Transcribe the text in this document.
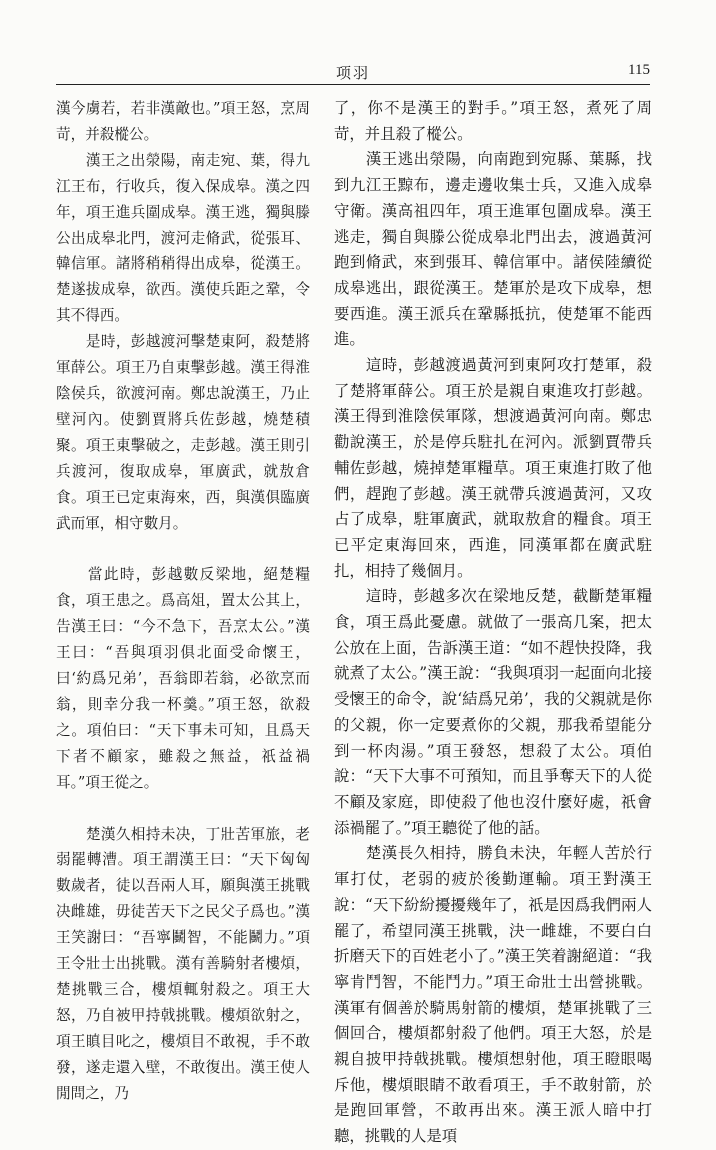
项羽	115

漢今虜若，若非漢敵也。”項王怒，烹周苛，并殺樅公。

　　漢王之出滎陽，南走宛、葉，得九江王布，行收兵，復入保成皋。漢之四年，項王進兵圍成皋。漢王逃，獨與滕公出成皋北門，渡河走脩武，從張耳、韓信軍。諸將稍稍得出成皋，從漢王。楚遂拔成皋，欲西。漢使兵距之鞏，令其不得西。

　　是時，彭越渡河擊楚東阿，殺楚將軍薛公。項王乃自東擊彭越。漢王得淮陰侯兵，欲渡河南。鄭忠說漢王，乃止壁河內。使劉賈將兵佐彭越，燒楚積聚。項王東擊破之，走彭越。漢王則引兵渡河，復取成皋，軍廣武，就敖倉食。項王已定東海來，西，與漢俱臨廣武而軍，相守數月。

　　當此時，彭越數反梁地，絕楚糧食，項王患之。爲高俎，置太公其上，告漢王曰：“今不急下，吾烹太公。”漢王曰：“吾與項羽俱北面受命懷王，曰‘約爲兄弟’，吾翁即若翁，必欲烹而翁，則幸分我一杯羹。”項王怒，欲殺之。項伯曰：“天下事未可知，且爲天下者不顧家，雖殺之無益，祇益禍耳。”項王從之。

　　楚漢久相持未决，丁壯苦軍旅，老弱罷轉漕。項王謂漢王曰：“天下匈匈數歲者，徒以吾兩人耳，願與漢王挑戰决雌雄，毋徒苦天下之民父子爲也。”漢王笑謝曰：“吾寧鬭智，不能鬭力。”項王令壯士出挑戰。漢有善騎射者樓煩，楚挑戰三合，樓煩輒射殺之。項王大怒，乃自被甲持戟挑戰。樓煩欲射之，項王瞋目叱之，樓煩目不敢視，手不敢發，遂走還入壁，不敢復出。漢王使人閒問之，乃

了，你不是漢王的對手。”項王怒，煮死了周苛，并且殺了樅公。

　　漢王逃出滎陽，向南跑到宛縣、葉縣，找到九江王黥布，邊走邊收集士兵，又進入成皋守衛。漢高祖四年，項王進軍包圍成皋。漢王逃走，獨自與滕公從成皋北門出去，渡過黃河跑到脩武，來到張耳、韓信軍中。諸侯陸續從成皋逃出，跟從漢王。楚軍於是攻下成皋，想要西進。漢王派兵在鞏縣抵抗，使楚軍不能西進。

　　這時，彭越渡過黃河到東阿攻打楚軍，殺了楚將軍薛公。項王於是親自東進攻打彭越。漢王得到淮陰侯軍隊，想渡過黃河向南。鄭忠勸說漢王，於是停兵駐扎在河內。派劉賈帶兵輔佐彭越，燒掉楚軍糧草。項王東進打敗了他們，趕跑了彭越。漢王就帶兵渡過黃河，又攻占了成皋，駐軍廣武，就取敖倉的糧食。項王已平定東海回來，西進，同漢軍都在廣武駐扎，相持了幾個月。

　　這時，彭越多次在梁地反楚，截斷楚軍糧食，項王爲此憂慮。就做了一張高几案，把太公放在上面，告訴漢王道：“如不趕快投降，我就煮了太公。”漢王說：“我與項羽一起面向北接受懷王的命令，說‘結爲兄弟’，我的父親就是你的父親，你一定要煮你的父親，那我希望能分到一杯肉湯。”項王發怒，想殺了太公。項伯說：“天下大事不可預知，而且爭奪天下的人從不顧及家庭，即使殺了他也沒什麼好處，祇會添禍罷了。”項王聽從了他的話。

　　楚漢長久相持，勝負未決，年輕人苦於行軍打仗，老弱的疲於後勤運輸。項王對漢王說：“天下紛紛擾擾幾年了，祇是因爲我們兩人罷了，希望同漢王挑戰，決一雌雄，不要白白折磨天下的百姓老小了。”漢王笑着謝絕道：“我寧肯鬥智，不能鬥力。”項王命壯士出營挑戰。漢軍有個善於騎馬射箭的樓煩，楚軍挑戰了三個回合，樓煩都射殺了他們。項王大怒，於是親自披甲持戟挑戰。樓煩想射他，項王瞪眼喝斥他，樓煩眼睛不敢看項王，手不敢射箭，於是跑回軍營，不敢再出來。漢王派人暗中打聽，挑戰的人是項
